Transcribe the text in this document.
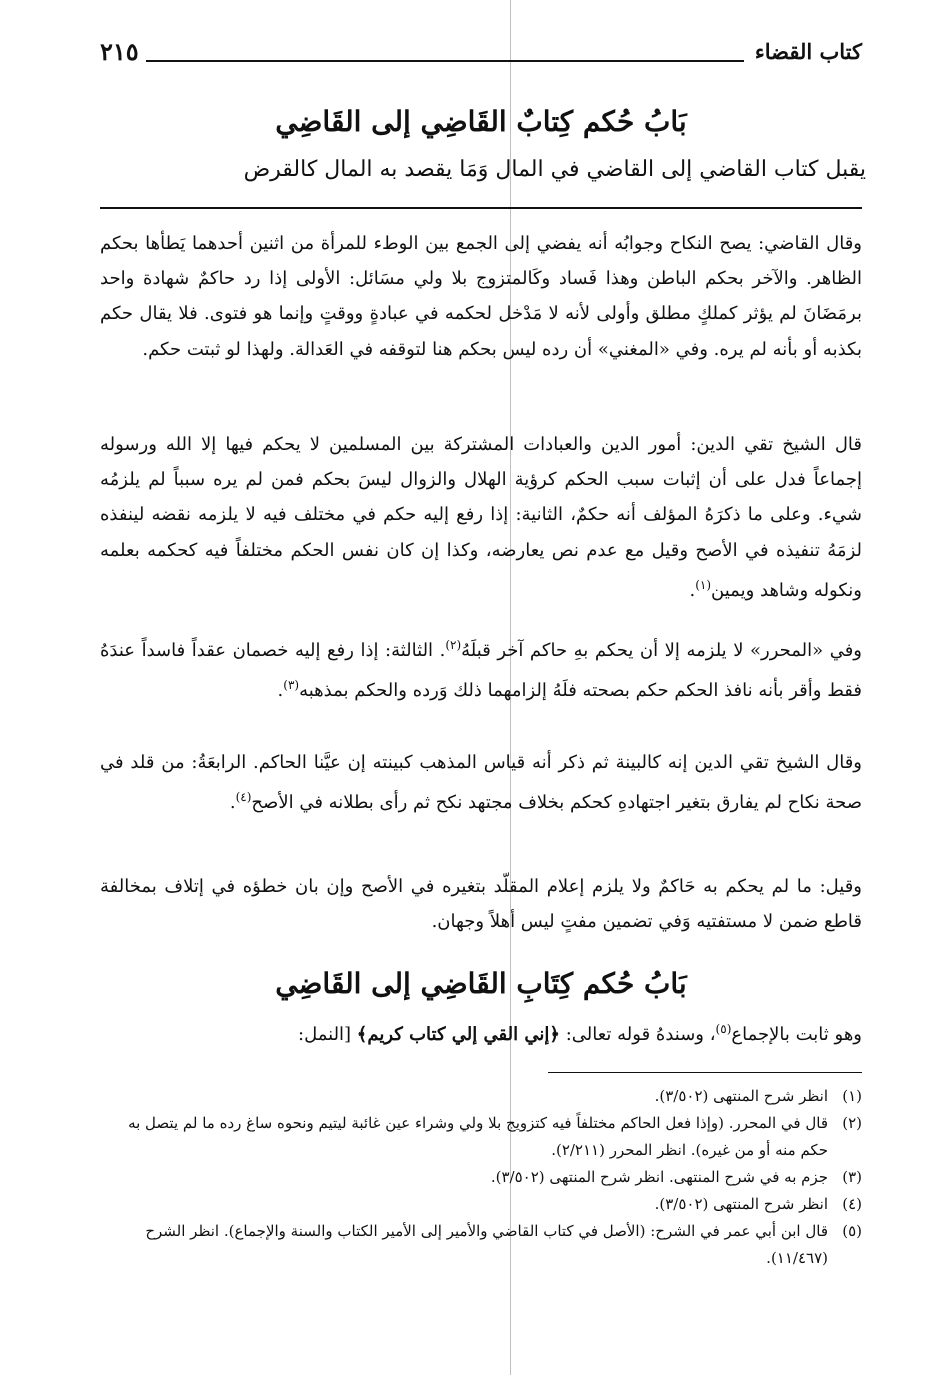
كتاب القضاء
٢١٥
بَابُ حُكم كِتابٌ القَاضِي إلى القَاضِي
يقبل كتاب القاضي إلى القاضي في المال وَمَا يقصد به المال كالقرض
وقال القاضي: يصح النكاح وجوابُه أنه يفضي إلى الجمع بين الوطء للمرأة من اثنين أحدهما يَطأها بحكم الظاهر. والآخر بحكم الباطن وهذا فَساد وكَالمتزوج بلا ولي مسَائل: الأولى إذا رد حاكمٌ شهادة واحد برمَضَانَ لم يؤثر كملكٍ مطلق وأولى لأنه لا مَدْخل لحكمه في عبادةٍ ووقتٍ وإنما هو فتوى. فلا يقال حكم بكذبه أو بأنه لم يره. وفي «المغني» أن رده ليس بحكم هنا لتوقفه في العَدالة. ولهذا لو ثبتت حكم.
قال الشيخ تقي الدين: أمور الدين والعبادات المشتركة بين المسلمين لا يحكم فيها إلا الله ورسوله إجماعاً فدل على أن إثبات سبب الحكم كرؤية الهلال والزوال ليسَ بحكم فمن لم يره سبباً لم يلزمُه شيء. وعلى ما ذكرَهُ المؤلف أنه حكمٌ، الثانية: إذا رفع إليه حكم في مختلف فيه لا يلزمه نقضه لينفذه لزمَهُ تنفيذه في الأصح وقيل مع عدم نص يعارضه، وكذا إن كان نفس الحكم مختلفاً فيه كحكمه بعلمه ونكوله وشاهد ويمين$^{(١)}$.
وفي «المحرر» لا يلزمه إلا أن يحكم بهِ حاكم آخر قبلَهُ$^{(٢)}$. الثالثة: إذا رفع إليه خصمان عقداً فاسداً عندَهُ فقط وأقر بأنه نافذ الحكم حكم بصحته فلَهُ إلزامهما ذلك وَرده والحكم بمذهبه$^{(٣)}$.
وقال الشيخ تقي الدين إنه كالبينة ثم ذكر أنه قياس المذهب كبينته إن عيَّنا الحاكم. الرابعَةُ: من قلد في صحة نكاح لم يفارق بتغير اجتهادهِ كحكم بخلاف مجتهد نكح ثم رأى بطلانه في الأصح$^{(٤)}$.
وقيل: ما لم يحكم به حَاكمٌ ولا يلزم إعلام المقلّد بتغيره في الأصح وإن بان خطؤه في إتلاف بمخالفة قاطع ضمن لا مستفتيه وَفي تضمين مفتٍ ليس أهلاً وجهان.
بَابُ حُكم كِتَابِ القَاضِي إلى القَاضِي
وهو ثابت بالإجماع$^{(٥)}$، وسندهُ قوله تعالى: ﴿إني القي إلي كتاب كريم﴾ [النمل:
(١)
انظر شرح المنتهى (٣/٥٠٢).
(٢)
قال في المحرر. (وإذا فعل الحاكم مختلفاً فيه كتزويج بلا ولي وشراء عين غائبة ليتيم ونحوه ساغ رده ما لم يتصل به حكم منه أو من غيره). انظر المحرر (٢/٢١١).
(٣)
جزم به في شرح المنتهى. انظر شرح المنتهى (٣/٥٠٢).
(٤)
انظر شرح المنتهى (٣/٥٠٢).
(٥)
قال ابن أبي عمر في الشرح: (الأصل في كتاب القاضي والأمير إلى الأمير الكتاب والسنة والإجماع). انظر الشرح (١١/٤٦٧).
